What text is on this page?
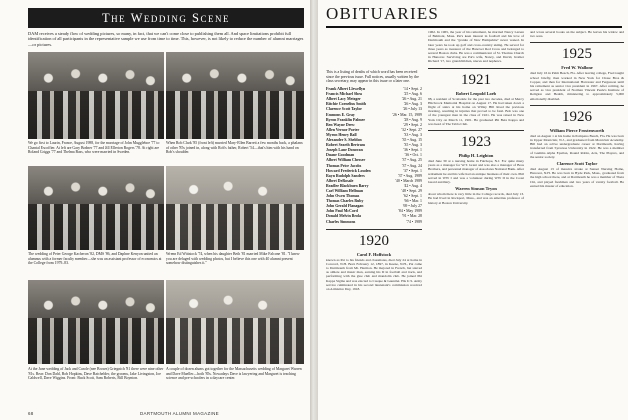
The Wedding Scene
DAM receives a steady flow of wedding pictures, so many, in fact, that we can't come close to publishing them all. And space limitations prohibit full identification of all participants in the representative sample we use from time to time. This, however, is not likely to reduce the number of alumni marriages—or pictures.
We go first to Laurin, France, August 1988, for the marriage of John Muggleboe '77 to Chantal Escoffier. At left are Gary Bodner '77 and Jill Ellerton Rogers '78. At right are Roland Griggs '77 and Thelma Bass, who were married in Sweden.
When Rob Clark '85 (front left) married Mary-Ellen Barrett a few months back, a phalanx of other '85s joined in, along with Rob's father, Robert '54—that's him with his hand on Rob's shoulder.
The wedding of Peter George Kacheron '82, DMS '86, and Daphne Kenyon united an alumnus with a former faculty member—she was an assistant professor of economics at the College from 1979–83.
Wrenn Ed Wittstock '74, when his daughter Beth '81 married Mike Falcone '81. "I knew you are deluged with wedding photos, but I believe this one with 40 alumni present somehow distinguishes it."
At the June wedding of Jack and Carole (nee Brown) Griegnich '81 there were nine other '81s. Rear: Don Dahl, Bob Hopkins, Dave Batchelder, the grooms, Jake Livingston, Joe Caldwell, Dave Wiggins. Front: Buck Scott, Sam Roberts, Bill Boynton.
A couple of dozen alums got together for the Massachusetts wedding of Margaret Warren and Dave Mueller—both '85s. Nowadays Dave is lawyering and Margaret is teaching science and pre-schoolers in a daycare center.
68	DARTMOUTH ALUMNI MAGAZINE
OBITUARIES

This is a listing of deaths of which word has been received since the previous issue. Full notices, usually written by the class secretary, may appear in this issue or a later one.

Frank Albert Llewellyn	'14 • Sept. 2
Francis Michael Shea	'25 • Aug. 6
Albert Lacy Metzger	'26 • Aug. 21
Ritchie Cornelius Smith	'26 • Aug. 3
Clarence Scott Taylor	'26 • July 13
Emmons E. Gray	'26 • Mar. 15, 1989
Byron Franklin Palmer	'28 • Aug. 9
Ben Wayne Drew	'29 • Sept. 2
Allen Vernor Porter	'32 • Sept. 27
Myron Henry Ball	'33 • Aug. 3
Alexander S. Sheldon	'35 • Aug. 15
Robert Searth Bertram	'35 • Aug. 3
Joseph Lane Donovan	'36 • Sept. 1
Duane Goodman	'36 • Oct. 1
Albert William Chesser	'37 • Aug. 25
Thomas Price Jacobs	'37 • Aug. 24
Howard Frederick Louden	'37 • Sept. 1
Rayn Rudolph Sanders	'37 • Aug. 1989
Albert DeRosale	'40 • March 1989
Bradlee Blackburn Barry	'42 • Aug. 4
Carl William Hellman	'48 • Sept. 29
John Owen Thomas	'62 • Sept. 1
Thomas Charles Ruby	'66 • Mar. 1
John Gerald Flanagan	'69 • July 27
John Paul McCord	'84 • May 1989
Donald Melvin Brola	'91 • Mar. 28
Charles Simmons	'74 • 1989
1920
Carol F. Hoffstock

known as Pat to his friends and classmates, died July 24 at home in Concord, N.H. Born February 12, 1897, in Keene, N.H., Pat came to Dartmouth from Mt. Hermon. He majored in French, but starred as athlete and music man, earning his D in football and track, and performing with the glee club and mandolin club. He joined Phi Kappa Sigma and was elected to Casque & Gauntlet. His U.S. Army service culminated in his second lieutenant's commission received on Armistice Day, 1918.

1962. In 1965, the year of his retirement, he married Nancy Larsen of Belmont, Mass. Pat's keen interest in football and his love of Dartmouth and the "granite of New Hampshire" never waned. In later years he took up golf and cross-country skiing. He served for three years as treasurer of the Hanover Red Cross and belonged to several Boston clubs. He was a communicant of St. Thomas Church in Hanover. Surviving are Pat's wife, Nancy, and David, brother Richard '17, two grandchildren, nieces and nephews.

1921
Robert Leopold Loeb

88, a resident of Scottsdale for the past two decades, died at Mercy Hitchcock Memorial Hospital on August 17. He had taken down a flight of stairs at his home on Willey Hill Road the previous morning, resulting in injuries that proved to be fatal. Bob was one of the youngest men in the class of 1921. He was raised in New York City on March 11, 1901. He graduated Phi Beta Kappa and was head of The Tabla Club.

1923
Philip H. Leighton

died June 30 at a nursing home in Fairhope, N.J. For quite many years as a manager for W.T. Grant and was also a manager of Boss Brothers, and personnel manager of Associates National Bank. After retirement he and his wife had an antique business of their own. Phil served in WW I and was a volunteer during WW II in the Coast Guard auxiliary.

Warren Simson Tryon

about whom there is very little in the College records, died July 13. He had lived in Rockport, Mass., and was an emeritus professor of history at Boston University.

and wrote several books on the subject. He leaves his widow and two sons.

1925
Fred W. Wallone

died July 16 in Palm Beach, Fla. After leaving college, Fred taught school briefly, then worked in New York for Chase Bros & Copper, and then for International Harvester and Fergusson until his retirement as senior vice president in 1967. After retiring, he served as vice president of Norman Vincent Peale's Institute of Religion and Health, ministering to approximately 5,000 emotionally disabled.

1926
William Pierce Frostenworth

died on August 1 at his home in Pompano Beach, Fla. He was born in Upper Montclair, N.J., and graduated from Montclair Academy. Bill had an active undergraduate career at Dartmouth, having transferred from Syracuse University in 1922. He was a member of Gamma Alpha Epsilon, Round Robin, Arts, The Players, and the senior society.

Clarence Scott Taylor

died August 13 of massive stroke at Sunset Nursing Home, Hanover, N.H. He was born in Hyde Park, Mass., graduated from the high school there, and at Dartmouth he was a member of Theta Chi, and played freshman and two years of varsity football. He earned his master of education.
